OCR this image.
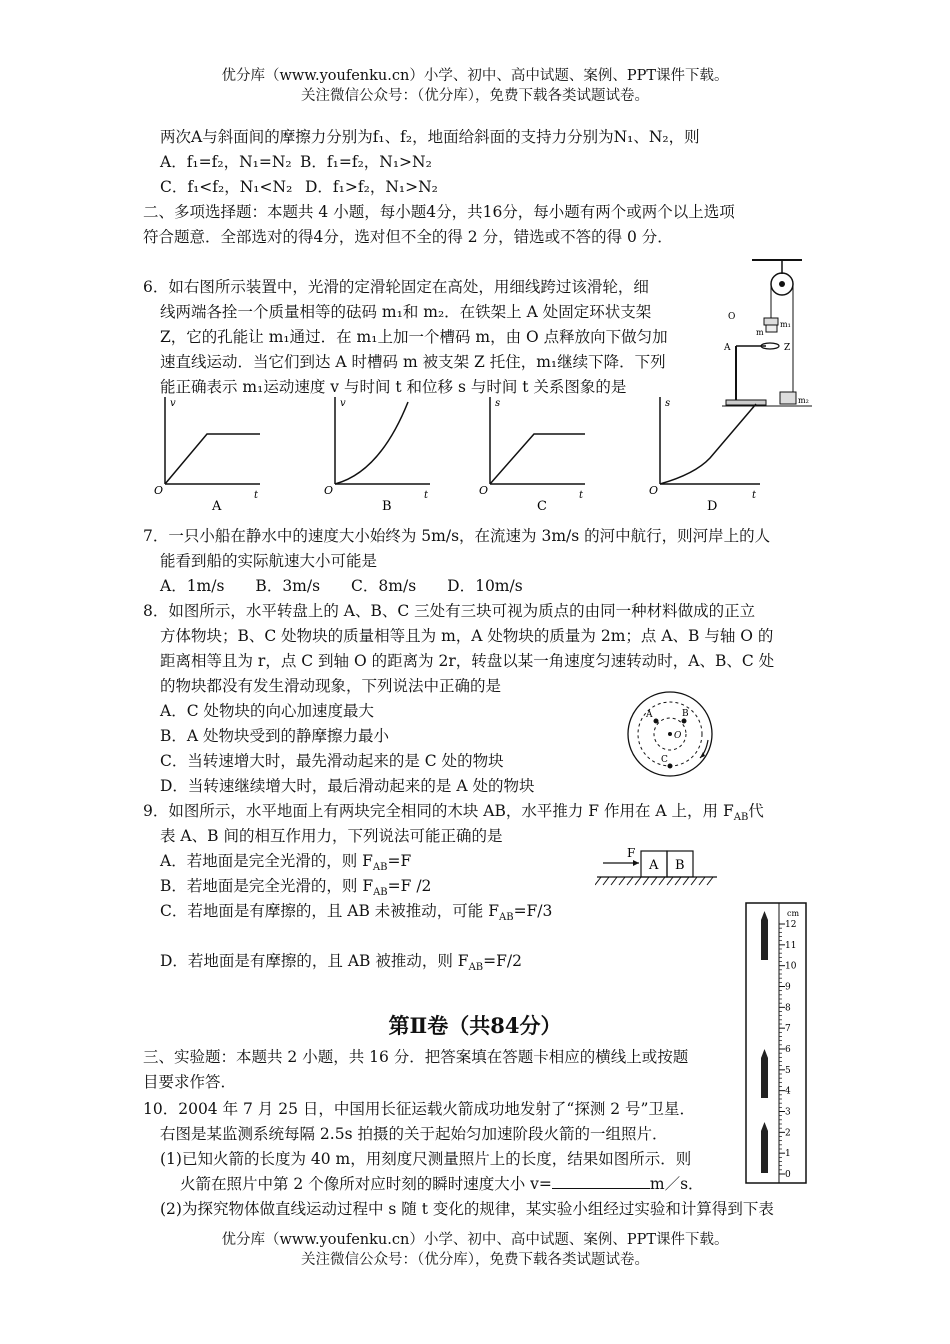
优分库（www.youfenku.cn）小学、初中、高中试题、案例、PPT课件下载。
关注微信公众号：（优分库），免费下载各类试题试卷。
两次A与斜面间的摩擦力分别为f₁、f₂，地面给斜面的支持力分别为N₁、N₂，则
A．f₁=f₂，N₁=N₂ B．f₁=f₂，N₁>N₂
C．f₁<f₂，N₁<N₂ D．f₁>f₂，N₁>N₂
二、多项选择题：本题共 4 小题，每小题4分，共16分，每小题有两个或两个以上选项
符合题意．全部选对的得4分，选对但不全的得 2 分，错选或不答的得 0 分．
6．如右图所示装置中，光滑的定滑轮固定在高处，用细线跨过该滑轮，细
线两端各拴一个质量相等的砝码 m₁和 m₂．在铁架上 A 处固定环状支架
Z，它的孔能让 m₁通过．在 m₁上加一个槽码 m，由 O 点释放向下做匀加
速直线运动．当它们到达 A 时槽码 m 被支架 Z 托住，m₁继续下降．下列
能正确表示 m₁运动速度 v 与时间 t 和位移 s 与时间 t 关系图象的是
O
m₁
m
A	Z
m₂
v
t
O
A
v
t
O
B
s
t
O
C
s
t
O
D
7．一只小船在静水中的速度大小始终为 5m/s，在流速为 3m/s 的河中航行，则河岸上的人
能看到船的实际航速大小可能是
A．1m/s　　B．3m/s　　C．8m/s　　D．10m/s
8．如图所示，水平转盘上的 A、B、C 三处有三块可视为质点的由同一种材料做成的正立
方体物块；B、C 处物块的质量相等且为 m，A 处物块的质量为 2m；点 A、B 与轴 O 的
距离相等且为 r，点 C 到轴 O 的距离为 2r，转盘以某一角速度匀速转动时，A、B、C 处
的物块都没有发生滑动现象，下列说法中正确的是
A．C 处物块的向心加速度最大
B．A 处物块受到的静摩擦力最小
C．当转速增大时，最先滑动起来的是 C 处的物块
D．当转速继续增大时，最后滑动起来的是 A 处的物块
O
A	B
C
9．如图所示，水平地面上有两块完全相同的木块 AB，水平推力 F 作用在 A 上，用 $F_{AB}$代
表 A、B 间的相互作用力，下列说法可能正确的是
A．若地面是完全光滑的，则 $F_{AB}=F$
B．若地面是完全光滑的，则 $F_{AB}=F$ /2
C．若地面是有摩擦的，且 AB 未被推动，可能 $F_{AB}=F/3$
D．若地面是有摩擦的，且 AB 被推动，则 $F_{AB}=F/2$
F
A B
第Ⅱ卷（共84分）
三、实验题：本题共 2 小题，共 16 分．把答案填在答题卡相应的横线上或按题
目要求作答．
10．2004 年 7 月 25 日，中国用长征运载火箭成功地发射了“探测 2 号”卫星．
右图是某监测系统每隔 2.5s 拍摄的关于起始匀加速阶段火箭的一组照片．
(1)已知火箭的长度为 40 m，用刻度尺测量照片上的长度，结果如图所示．则
火箭在照片中第 2 个像所对应时刻的瞬时速度大小 v=	m／s．
(2)为探究物体做直线运动过程中 s 随 t 变化的规律，某实验小组经过实验和计算得到下表
cm
12
11
10
9
8
7
6
5
4
3
2
1
0
优分库（www.youfenku.cn）小学、初中、高中试题、案例、PPT课件下载。
关注微信公众号：（优分库），免费下载各类试题试卷。
